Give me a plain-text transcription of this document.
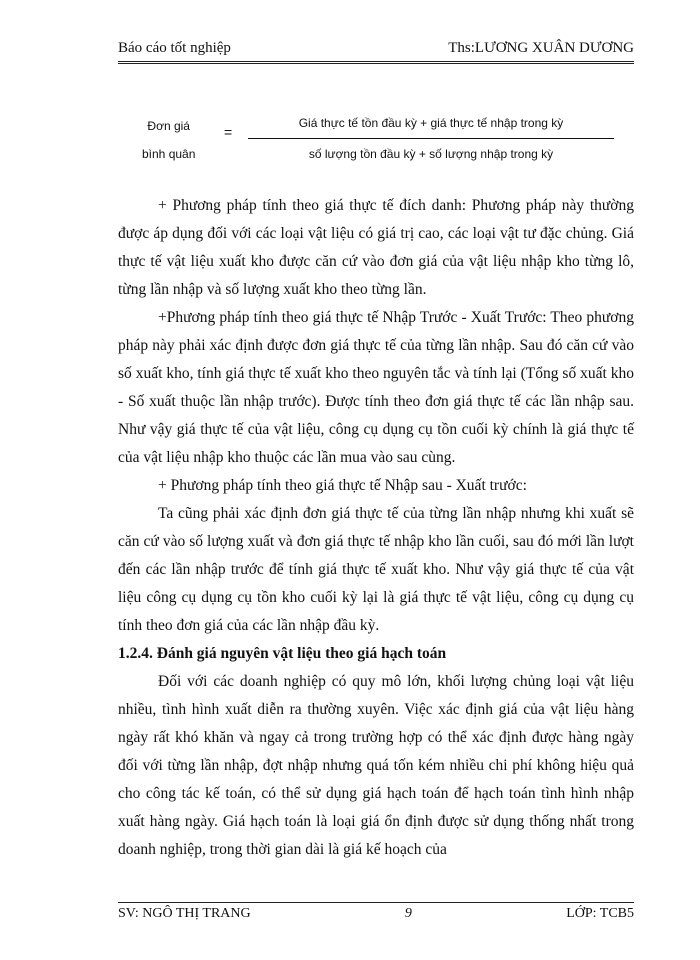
Báo cáo tốt nghiệp	Ths:LƯƠNG XUÂN DƯƠNG
Đơn giá
bình quân
=
Giá thực tế tồn đầu kỳ + giá thực tế nhập trong kỳ
số lượng tồn đầu kỳ + số lượng nhập trong kỳ

+ Phương pháp tính theo giá thực tế đích danh: Phương pháp này thường được áp dụng đối với các loại vật liệu có giá trị cao, các loại vật tư đặc chủng. Giá thực tế vật liệu xuất kho được căn cứ vào đơn giá của vật liệu nhập kho từng lô, từng lần nhập và số lượng xuất kho theo từng lần.

+Phương pháp tính theo giá thực tế Nhập Trước - Xuất Trước: Theo phương pháp này phải xác định được đơn giá thực tế của từng lần nhập. Sau đó căn cứ vào số xuất kho, tính giá thực tế xuất kho theo nguyên tắc và tính lại (Tổng số xuất kho - Số xuất thuộc lần nhập trước). Được tính theo đơn giá thực tế các lần nhập sau. Như vậy giá thực tế của vật liệu, công cụ dụng cụ tồn cuối kỳ chính là giá thực tế của vật liệu nhập kho thuộc các lần mua vào sau cùng.

+ Phương pháp tính theo giá thực tế Nhập sau - Xuất trước:

Ta cũng phải xác định đơn giá thực tế của từng lần nhập nhưng khi xuất sẽ căn cứ vào số lượng xuất và đơn giá thực tế nhập kho lần cuối, sau đó mới lần lượt đến các lần nhập trước để tính giá thực tế xuất kho. Như vậy giá thực tế của vật liệu công cụ dụng cụ tồn kho cuối kỳ lại là giá thực tế vật liệu, công cụ dụng cụ tính theo đơn giá của các lần nhập đầu kỳ.

1.2.4. Đánh giá nguyên vật liệu theo giá hạch toán

Đối với các doanh nghiệp có quy mô lớn, khối lượng chủng loại vật liệu nhiều, tình hình xuất diễn ra thường xuyên. Việc xác định giá của vật liệu hàng ngày rất khó khăn và ngay cả trong trường hợp có thể xác định được hàng ngày đối với từng lần nhập, đợt nhập nhưng quá tốn kém nhiều chi phí không hiệu quả cho công tác kế toán, có thể sử dụng giá hạch toán để hạch toán tình hình nhập xuất hàng ngày. Giá hạch toán là loại giá ổn định được sử dụng thống nhất trong doanh nghiệp, trong thời gian dài là giá kế hoạch của

SV: NGÔ THỊ TRANG	9	LỚP: TCB5
